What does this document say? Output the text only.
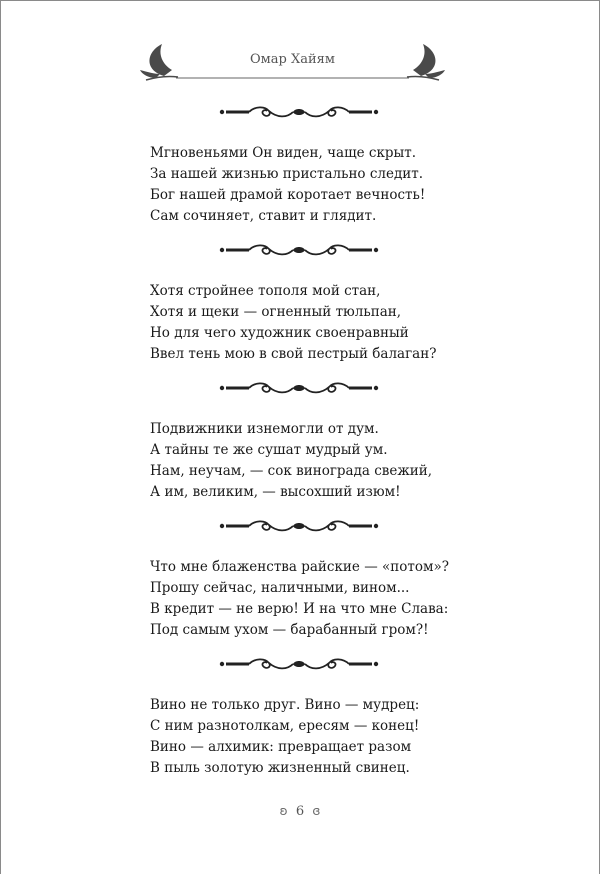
Омар Хайям
Мгновеньями Он виден, чаще скрыт.
За нашей жизнью пристально следит.
Бог нашей драмой коротает вечность!
Сам сочиняет, ставит и глядит.
Хотя стройнее тополя мой стан,
Хотя и щеки — огненный тюльпан,
Но для чего художник своенравный
Ввел тень мою в свой пестрый балаган?
Подвижники изнемогли от дум.
А тайны те же сушат мудрый ум.
Нам, неучам, — сок винограда свежий,
А им, великим, — высохший изюм!
Что мне блаженства райские — «потом»?
Прошу сейчас, наличными, вином...
В кредит — не верю! И на что мне Слава:
Под самым ухом — барабанный гром?!
Вино не только друг. Вино — мудрец:
С ним разнотолкам, ересям — конец!
Вино — алхимик: превращает разом
В пыль золотую жизненный свинец.
ʚ 6 ɞ
